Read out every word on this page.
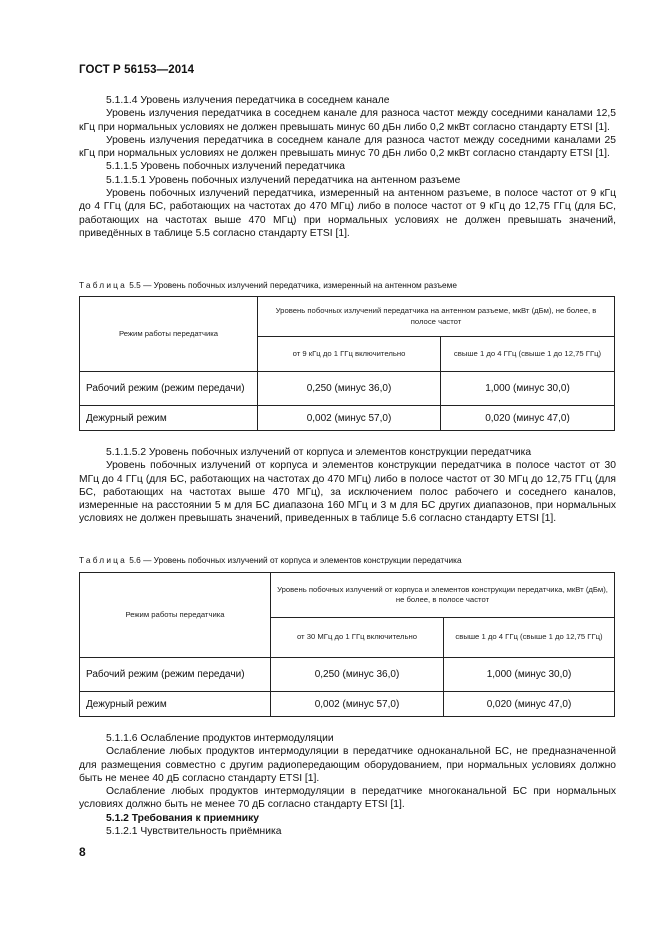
ГОСТ Р 56153—2014

5.1.1.4 Уровень излучения передатчика в соседнем канале

Уровень излучения передатчика в соседнем канале для разноса частот между соседними каналами 12,5 кГц при нормальных условиях не должен превышать минус 60 дБн либо 0,2 мкВт согласно стандарту ETSI [1].

Уровень излучения передатчика в соседнем канале для разноса частот между соседними каналами 25 кГц при нормальных условиях не должен превышать минус 70 дБн либо 0,2 мкВт согласно стандарту ETSI [1].

5.1.1.5 Уровень побочных излучений передатчика

5.1.1.5.1 Уровень побочных излучений передатчика на антенном разъеме

Уровень побочных излучений передатчика, измеренный на антенном разъеме, в полосе частот от 9 кГц до 4 ГГц (для БС, работающих на частотах до 470 МГц) либо в полосе частот от 9 кГц до 12,75 ГГц (для БС, работающих на частотах выше 470 МГц) при нормальных условиях не должен превышать значений, приведённых в таблице 5.5 согласно стандарту ETSI [1].

Таблица 5.5 — Уровень побочных излучений передатчика, измеренный на антенном разъеме
Режим работы передатчика	Уровень побочных излучений передатчика на антенном разъеме, мкВт (дБм), не более, в полосе частот	
	от 9 кГц до 1 ГГц включительно	свыше 1 до 4 ГГц (свыше 1 до 12,75 ГГц)
Рабочий режим (режим передачи)	0,250 (минус 36,0)	1,000 (минус 30,0)
Дежурный режим	0,002 (минус 57,0)	0,020 (минус 47,0)

5.1.1.5.2 Уровень побочных излучений от корпуса и элементов конструкции передатчика

Уровень побочных излучений от корпуса и элементов конструкции передатчика в полосе частот от 30 МГц до 4 ГГц (для БС, работающих на частотах до 470 МГц) либо в полосе частот от 30 МГц до 12,75 ГГц (для БС, работающих на частотах выше 470 МГц), за исключением полос рабочего и соседнего каналов, измеренные на расстоянии 5 м для БС диапазона 160 МГц и 3 м для БС других диапазонов, при нормальных условиях не должен превышать значений, приведенных в таблице 5.6 согласно стандарту ETSI [1].

Таблица 5.6 — Уровень побочных излучений от корпуса и элементов конструкции передатчика
Режим работы передатчика	Уровень побочных излучений от корпуса и элементов конструкции передатчика, мкВт (дБм), не более, в полосе частот	
	от 30 МГц до 1 ГГц включительно	свыше 1 до 4 ГГц (свыше 1 до 12,75 ГГц)
Рабочий режим (режим передачи)	0,250 (минус 36,0)	1,000 (минус 30,0)
Дежурный режим	0,002 (минус 57,0)	0,020 (минус 47,0)

5.1.1.6 Ослабление продуктов интермодуляции

Ослабление любых продуктов интермодуляции в передатчике одноканальной БС, не предназначенной для размещения совместно с другим радиопередающим оборудованием, при нормальных условиях должно быть не менее 40 дБ согласно стандарту ETSI [1].

Ослабление любых продуктов интермодуляции в передатчике многоканальной БС при нормальных условиях должно быть не менее 70 дБ согласно стандарту ETSI [1].

5.1.2 Требования к приемнику

5.1.2.1 Чувствительность приёмника

8
